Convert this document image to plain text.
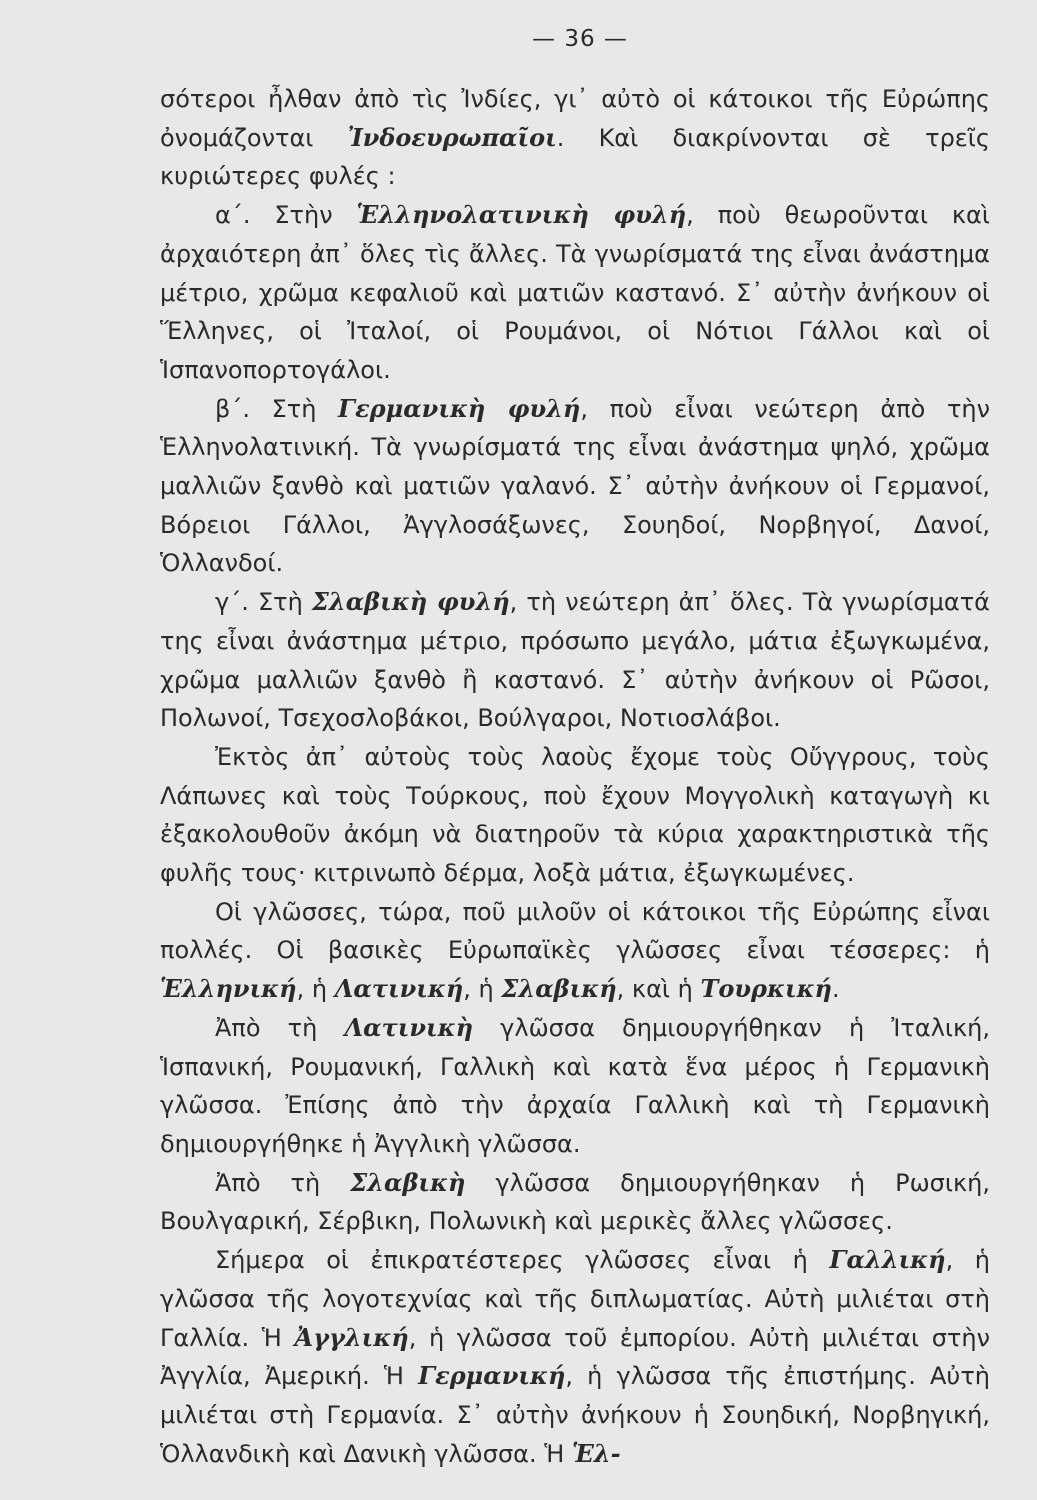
— 36 —

σότεροι ἦλθαν ἀπὸ τὶς Ἰνδίες, γι᾽ αὐτὸ οἱ κάτοικοι τῆς Εὐρώπης ὀνομάζονται Ἰνδοευρωπαῖοι. Καὶ διακρίνονται σὲ τρεῖς κυριώτερες φυλές :

α΄. Στὴν Ἑλληνολατινικὴ φυλή, ποὺ θεωροῦνται καὶ ἀρχαιότερη ἀπ᾽ ὅλες τὶς ἄλλες. Τὰ γνωρίσματά της εἶναι ἀνάστημα μέτριο, χρῶμα κεφαλιοῦ καὶ ματιῶν καστανό. Σ᾽ αὐτὴν ἀνήκουν οἱ Ἕλληνες, οἱ Ἰταλοί, οἱ Ρουμάνοι, οἱ Νότιοι Γάλλοι καὶ οἱ Ἱσπανοπορτογάλοι.

β΄. Στὴ Γερμανικὴ φυλή, ποὺ εἶναι νεώτερη ἀπὸ τὴν Ἑλληνολατινική. Τὰ γνωρίσματά της εἶναι ἀνάστημα ψηλό, χρῶμα μαλλιῶν ξανθὸ καὶ ματιῶν γαλανό. Σ᾽ αὐτὴν ἀνήκουν οἱ Γερμανοί, Βόρειοι Γάλλοι, Ἀγγλοσάξωνες, Σουηδοί, Νορβηγοί, Δανοί, Ὁλλανδοί.

γ΄. Στὴ Σλαβικὴ φυλή, τὴ νεώτερη ἀπ᾽ ὅλες. Τὰ γνωρίσματά της εἶναι ἀνάστημα μέτριο, πρόσωπο μεγάλο, μάτια ἐξωγκωμένα, χρῶμα μαλλιῶν ξανθὸ ἢ καστανό. Σ᾽ αὐτὴν ἀνήκουν οἱ Ρῶσοι, Πολωνοί, Τσεχοσλοβάκοι, Βούλγαροι, Νοτιοσλάβοι.

Ἐκτὸς ἀπ᾽ αὐτοὺς τοὺς λαοὺς ἔχομε τοὺς Οὔγγρους, τοὺς Λάπωνες καὶ τοὺς Τούρκους, ποὺ ἔχουν Μογγολικὴ καταγωγὴ κι ἐξακολουθοῦν ἀκόμη νὰ διατηροῦν τὰ κύρια χαρακτηριστικὰ τῆς φυλῆς τους· κιτρινωπὸ δέρμα, λοξὰ μάτια, ἐξωγκωμένες.

Οἱ γλῶσσες, τώρα, ποῦ μιλοῦν οἱ κάτοικοι τῆς Εὐρώπης εἶναι πολλές. Οἱ βασικὲς Εὐρωπαϊκὲς γλῶσσες εἶναι τέσσερες: ἡ Ἑλληνική, ἡ Λατινική, ἡ Σλαβική, καὶ ἡ Τουρκική.

Ἀπὸ τὴ Λατινικὴ γλῶσσα δημιουργήθηκαν ἡ Ἰταλική, Ἱσπανική, Ρουμανική, Γαλλικὴ καὶ κατὰ ἕνα μέρος ἡ Γερμανικὴ γλῶσσα. Ἐπίσης ἀπὸ τὴν ἀρχαία Γαλλικὴ καὶ τὴ Γερμανικὴ δημιουργήθηκε ἡ Ἀγγλικὴ γλῶσσα.

Ἀπὸ τὴ Σλαβικὴ γλῶσσα δημιουργήθηκαν ἡ Ρωσική, Βουλγαρική, Σέρβικη, Πολωνικὴ καὶ μερικὲς ἄλλες γλῶσσες.

Σήμερα οἱ ἐπικρατέστερες γλῶσσες εἶναι ἡ Γαλλική, ἡ γλῶσσα τῆς λογοτεχνίας καὶ τῆς διπλωματίας. Αὐτὴ μιλιέται στὴ Γαλλία. Ἡ Ἀγγλική, ἡ γλῶσσα τοῦ ἐμπορίου. Αὐτὴ μιλιέται στὴν Ἀγγλία, Ἀμερική. Ἡ Γερμανική, ἡ γλῶσσα τῆς ἐπιστήμης. Αὐτὴ μιλιέται στὴ Γερμανία. Σ᾽ αὐτὴν ἀνήκουν ἡ Σουηδική, Νορβηγική, Ὁλλανδικὴ καὶ Δανικὴ γλῶσσα. Ἡ Ἑλ-
